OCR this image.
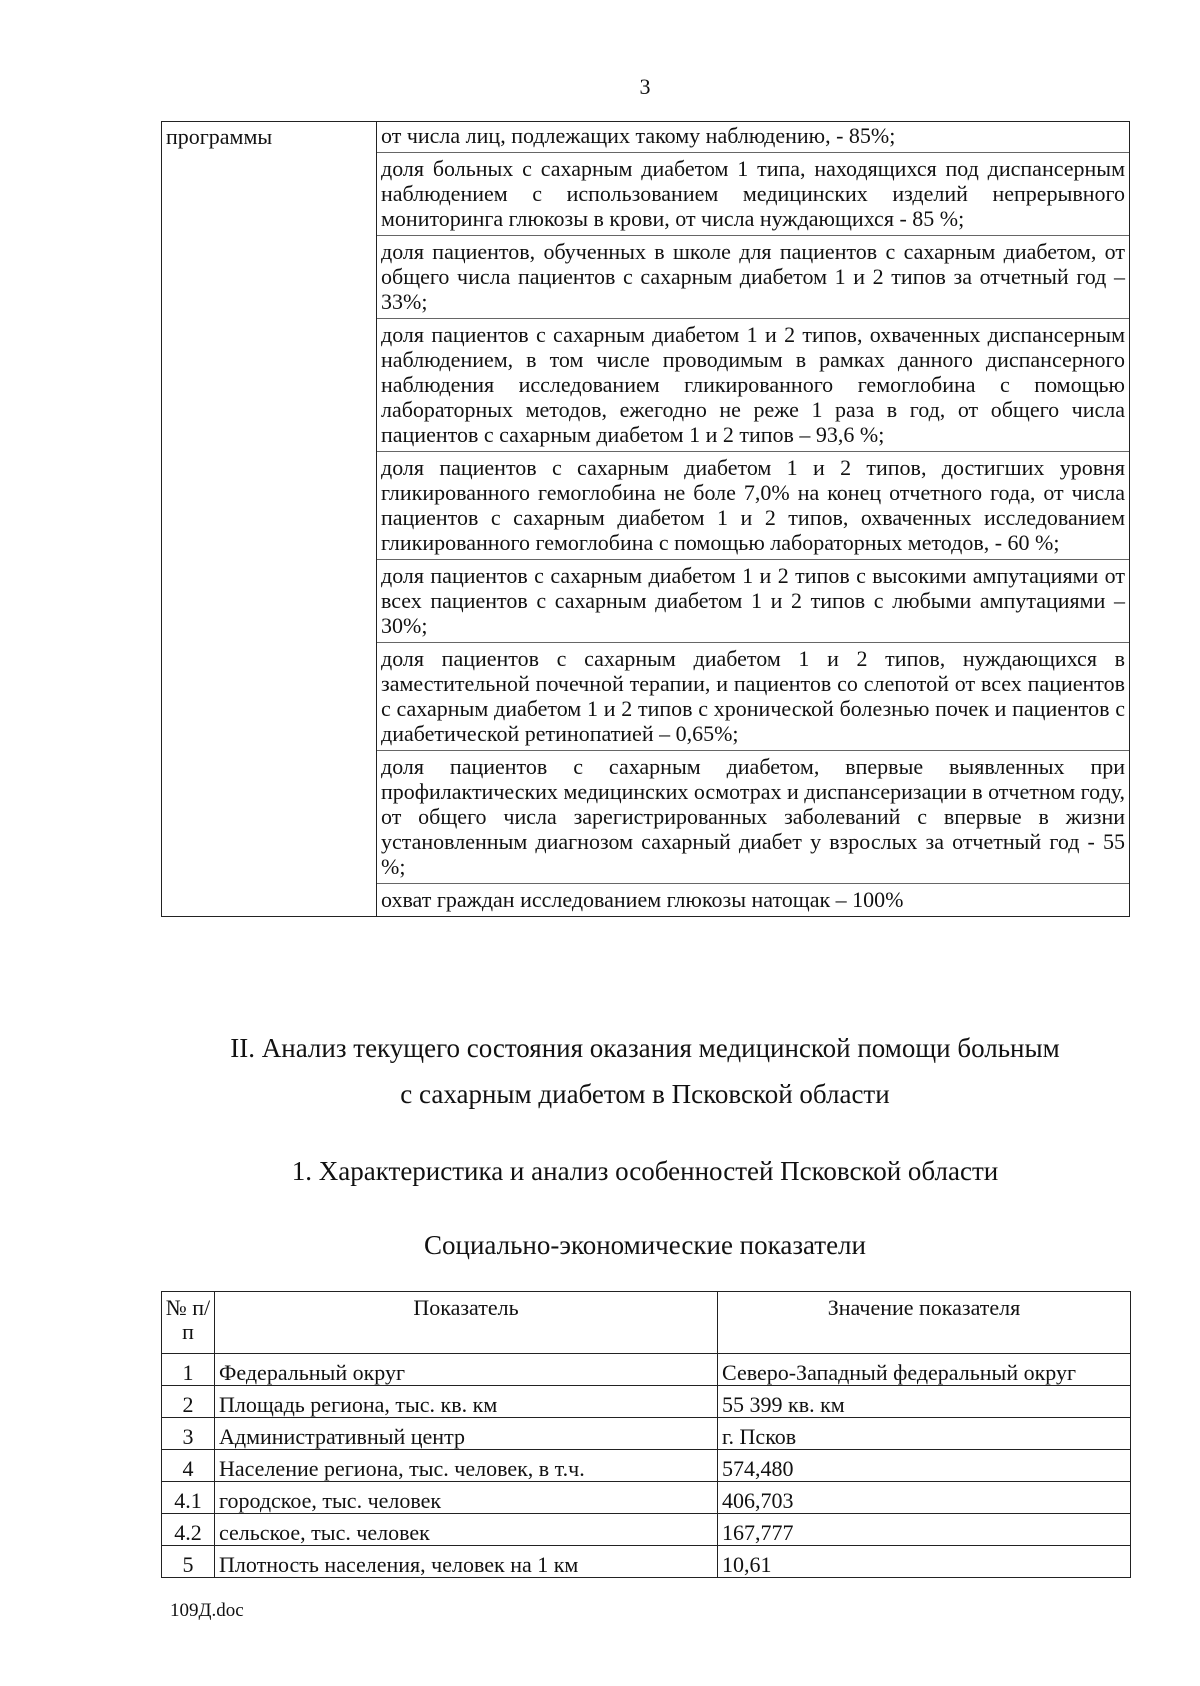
3
программы	от числа лиц, подлежащих такому наблюдению, - 85%;
доля больных с сахарным диабетом 1 типа, находящихся под диспансерным наблюдением с использованием медицинских изделий непрерывного мониторинга глюкозы в крови, от числа нуждающихся - 85 %;
доля пациентов, обученных в школе для пациентов с сахарным диабетом, от общего числа пациентов с сахарным диабетом 1 и 2 типов за отчетный год – 33%;
доля пациентов с сахарным диабетом 1 и 2 типов, охваченных диспансерным наблюдением, в том числе проводимым в рамках данного диспансерного наблюдения исследованием гликированного гемоглобина с помощью лабораторных методов, ежегодно не реже 1 раза в год, от общего числа пациентов с сахарным диабетом 1 и 2 типов – 93,6 %;
доля пациентов с сахарным диабетом 1 и 2 типов, достигших уровня гликированного гемоглобина не боле 7,0% на конец отчетного года, от числа пациентов с сахарным диабетом 1 и 2 типов, охваченных исследованием гликированного гемоглобина с помощью лабораторных методов, - 60 %;
доля пациентов с сахарным диабетом 1 и 2 типов с высокими ампутациями от всех пациентов с сахарным диабетом 1 и 2 типов с любыми ампутациями – 30%;
доля пациентов с сахарным диабетом 1 и 2 типов, нуждающихся в заместительной почечной терапии, и пациентов со слепотой от всех пациентов с сахарным диабетом 1 и 2 типов с хронической болезнью почек и пациентов с диабетической ретинопатией – 0,65%;
доля пациентов с сахарным диабетом, впервые выявленных при профилактических медицинских осмотрах и диспансеризации в отчетном году, от общего числа зарегистрированных заболеваний с впервые в жизни установленным диагнозом сахарный диабет у взрослых за отчетный год - 55 %;
охват граждан исследованием глюкозы натощак – 100%
II. Анализ текущего состояния оказания медицинской помощи больным
с сахарным диабетом в Псковской области
1. Характеристика и анализ особенностей Псковской области
Социально-экономические показатели
№ п/п	Показатель	Значение показателя
1	Федеральный округ	Северо-Западный федеральный округ
2	Площадь региона, тыс. кв. км	55 399 кв. км
3	Административный центр	г. Псков
4	Население региона, тыс. человек, в т.ч.	574,480
4.1	городское, тыс. человек	406,703
4.2	сельское, тыс. человек	167,777
5	Плотность населения, человек на 1 км	10,61
109Д.doc
